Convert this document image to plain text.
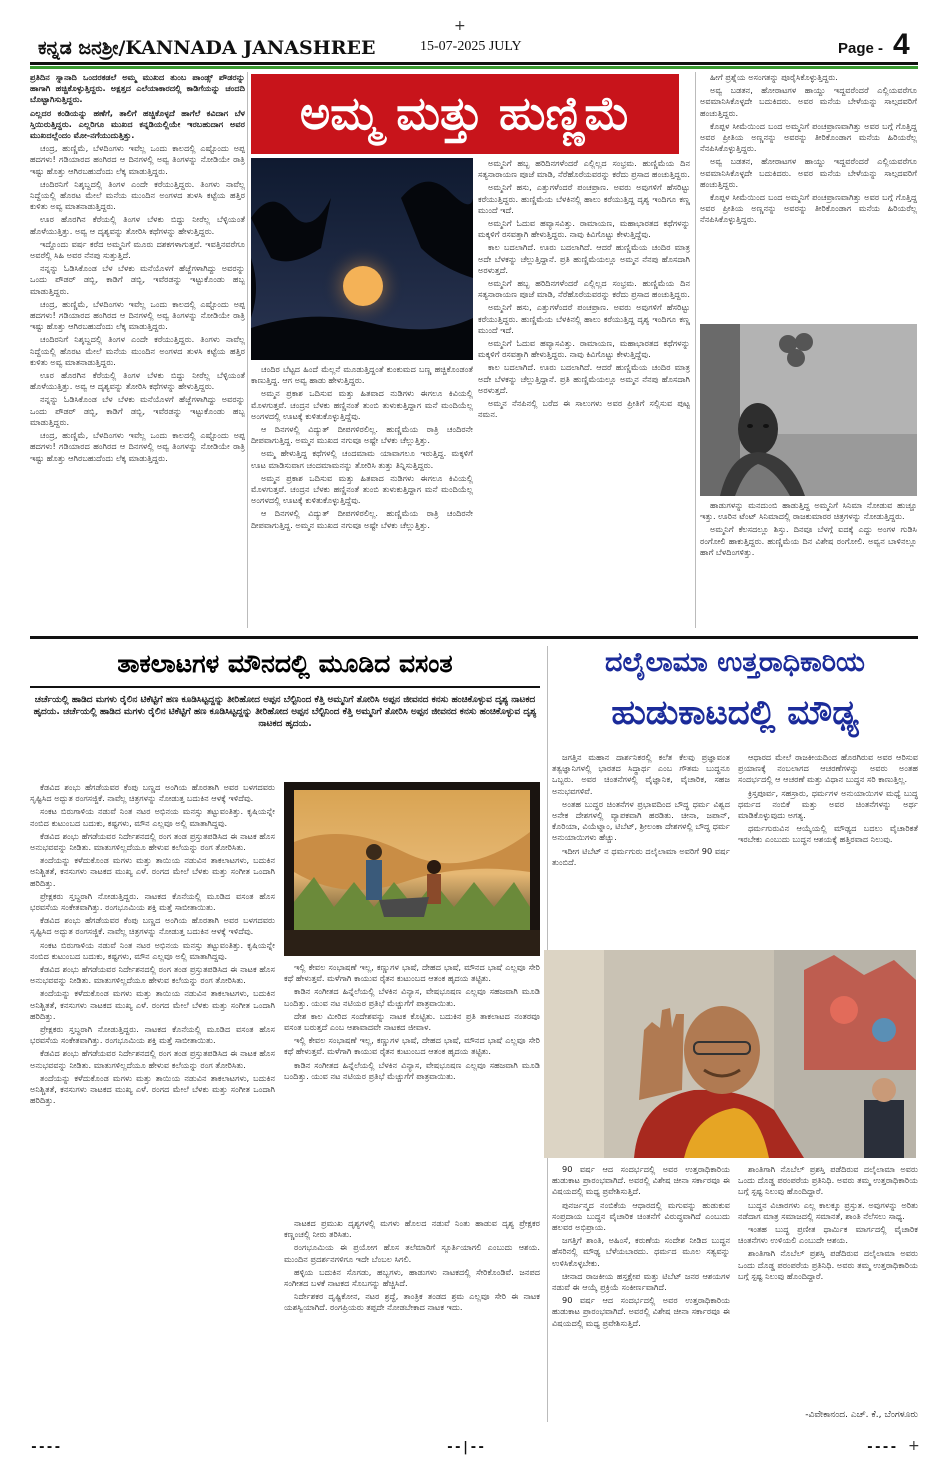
+
ಕನ್ನಡ ಜನಶ್ರೀ/KANNADA JANASHREE	15-07-2025 JULY	Page - 4

ಪ್ರತಿದಿನ ಸ್ನಾನಾದಿ ಒಂದರಕಡಲೆ ಅಮ್ಮ ಮುಖದ ತುಂಬ ಪಾಂಡ್ಸ್ ಪೌಡರನ್ನು ಹಾಗಾಗಿ ಹಚ್ಚಿಕೊಳ್ಳುತ್ತಿದ್ದರು. ಅಕ್ಷತ್ತದ ಎಲೆಯಾಕಾರದಲ್ಲಿ ಕಾಡಿಗೆಯನ್ನು ಚಂದದಿ ಬೊಟ್ಟಾಗಿಸುತ್ತಿದ್ದರು.

ಎಲ್ಲದರ ಕಂಡಿಯನ್ನು ಹಣೆಗೆ, ತಾಲಿಗೆ ಹಚ್ಚಿಕೊಳ್ಳದೆ ಹಾಗೆಲೆ ಕವಿದಾಗ ಬೆಳ ಸ್ತಿಯಿರುತ್ತಿದ್ದರು. ಎಲ್ಲರಿಗೂ ಮುಖದ ಕನ್ನಡಿಯಲ್ಲಿಯೇ ಇರಬಹುದಾಗ ಅವರ ಮುಖದಲ್ಲೆಂದಂ ಮೋ-ನಗೆಯುದುತ್ತಿತ್ತು.

ಚಂದ್ರ, ಹುಣ್ಣಿಮೆ, ಬೆಳದಿಂಗಳು ಇವೆಲ್ಲ ಒಂದು ಕಾಲದಲ್ಲಿ ಎಷ್ಟೊಂದು ಅಪ್ಪ ಹದಗಳು! ಗಡಿಯಾರದ ಹಂಗಿರದ ಆ ದಿನಗಳಲ್ಲಿ ಅವ್ವ ತಿಂಗಳನ್ನು ನೋಡಿಯೇ ರಾತ್ರಿ ಇಷ್ಟು ಹೊತ್ತು ಆಗಿರಬಹುದೆಂದು ಲೆಕ್ಕ ಮಾಡುತ್ತಿದ್ದರು.

ಚಂದಿರನಿಗೆ ನಿಶ್ಶಬ್ದದಲ್ಲಿ ತಿಂಗಳ ಎಂದೇ ಕರೆಯುತ್ತಿದ್ದರು. ತಿಂಗಳು ನಾವೆಲ್ಲ ನಿದ್ದೆಯಲ್ಲಿ ಹೊರಟ ಮೇಲೆ ಮನೆಯ ಮುಂದಿನ ಅಂಗಳದ ತುಳಸಿ ಕಟ್ಟೆಯ ಹತ್ತಿರ ಕುಳಿತು ಅವ್ವ ಮಾತನಾಡುತ್ತಿದ್ದರು.

ಊರ ಹೊರಗಿನ ಕೆರೆಯಲ್ಲಿ ತಿಂಗಳ ಬೆಳಕು ಬಿದ್ದು ನೀರೆಲ್ಲ ಬೆಳ್ಳಿಯಂತೆ ಹೊಳೆಯುತ್ತಿತ್ತು. ಅವ್ವ ಆ ದೃಶ್ಯವನ್ನು ತೋರಿಸಿ ಕಥೆಗಳನ್ನು ಹೇಳುತ್ತಿದ್ದರು.

ಇದ್ದೊಂದು ವರ್ಷ ಕರೆದ ಅಮ್ಮನಿಗೆ ಮೂರು ದಶಕಗಳಾಗುತ್ತವೆ. ಇವತ್ತಿನವರೆಗೂ ಅವರೆಲ್ಲಿ ಸಿಹಿ ಅವರ ನೆನಪು ಸುತ್ತುತ್ತಿದೆ.

ನನ್ನನ್ನು ಓಡಿಸಿಕೊಂಡ ಬೆಳ ಬೆಳಕು ಮನೆಯೊಳಗೆ ಹೆಜ್ಜೆಗಳಾಗಿದ್ದು ಅವರನ್ನು ಒಂದು ಪೌಡರ್ ಡಬ್ಬಿ, ಕಾಡಿಗೆ ಡಬ್ಬಿ, ಇವೆರಡನ್ನು ಇಟ್ಟುಕೊಂಡು ಹಬ್ಬ ಮಾಡುತ್ತಿದ್ದರು.

ಚಂದ್ರ, ಹುಣ್ಣಿಮೆ, ಬೆಳದಿಂಗಳು ಇವೆಲ್ಲ ಒಂದು ಕಾಲದಲ್ಲಿ ಎಷ್ಟೊಂದು ಅಪ್ಪ ಹದಗಳು! ಗಡಿಯಾರದ ಹಂಗಿರದ ಆ ದಿನಗಳಲ್ಲಿ ಅವ್ವ ತಿಂಗಳನ್ನು ನೋಡಿಯೇ ರಾತ್ರಿ ಇಷ್ಟು ಹೊತ್ತು ಆಗಿರಬಹುದೆಂದು ಲೆಕ್ಕ ಮಾಡುತ್ತಿದ್ದರು.

ಚಂದಿರನಿಗೆ ನಿಶ್ಶಬ್ದದಲ್ಲಿ ತಿಂಗಳ ಎಂದೇ ಕರೆಯುತ್ತಿದ್ದರು. ತಿಂಗಳು ನಾವೆಲ್ಲ ನಿದ್ದೆಯಲ್ಲಿ ಹೊರಟ ಮೇಲೆ ಮನೆಯ ಮುಂದಿನ ಅಂಗಳದ ತುಳಸಿ ಕಟ್ಟೆಯ ಹತ್ತಿರ ಕುಳಿತು ಅವ್ವ ಮಾತನಾಡುತ್ತಿದ್ದರು.

ಊರ ಹೊರಗಿನ ಕೆರೆಯಲ್ಲಿ ತಿಂಗಳ ಬೆಳಕು ಬಿದ್ದು ನೀರೆಲ್ಲ ಬೆಳ್ಳಿಯಂತೆ ಹೊಳೆಯುತ್ತಿತ್ತು. ಅವ್ವ ಆ ದೃಶ್ಯವನ್ನು ತೋರಿಸಿ ಕಥೆಗಳನ್ನು ಹೇಳುತ್ತಿದ್ದರು.

ನನ್ನನ್ನು ಓಡಿಸಿಕೊಂಡ ಬೆಳ ಬೆಳಕು ಮನೆಯೊಳಗೆ ಹೆಜ್ಜೆಗಳಾಗಿದ್ದು ಅವರನ್ನು ಒಂದು ಪೌಡರ್ ಡಬ್ಬಿ, ಕಾಡಿಗೆ ಡಬ್ಬಿ, ಇವೆರಡನ್ನು ಇಟ್ಟುಕೊಂಡು ಹಬ್ಬ ಮಾಡುತ್ತಿದ್ದರು.

ಚಂದ್ರ, ಹುಣ್ಣಿಮೆ, ಬೆಳದಿಂಗಳು ಇವೆಲ್ಲ ಒಂದು ಕಾಲದಲ್ಲಿ ಎಷ್ಟೊಂದು ಅಪ್ಪ ಹದಗಳು! ಗಡಿಯಾರದ ಹಂಗಿರದ ಆ ದಿನಗಳಲ್ಲಿ ಅವ್ವ ತಿಂಗಳನ್ನು ನೋಡಿಯೇ ರಾತ್ರಿ ಇಷ್ಟು ಹೊತ್ತು ಆಗಿರಬಹುದೆಂದು ಲೆಕ್ಕ ಮಾಡುತ್ತಿದ್ದರು.

ಅಮ್ಮ ಮತ್ತು ಹುಣ್ಣಿಮೆ

ಚಂದಿರ ಬೆಟ್ಟದ ಹಿಂದೆ ಮೆಲ್ಲನೆ ಮೂಡುತ್ತಿದ್ದಂತೆ ಕುಂಕುಮದ ಬಣ್ಣ ಹಚ್ಚಿಕೊಂಡಂತೆ ಕಾಣುತ್ತಿದ್ದ. ಆಗ ಅವ್ವ ಹಾಡು ಹೇಳುತ್ತಿದ್ದರು.

ಅಮ್ಮನ ಪ್ರಕಾಶ ಒದಿಸುವ ಮತ್ತು ಹಿತವಾದ ನುಡಿಗಳು ಈಗಲೂ ಕಿವಿಯಲ್ಲಿ ಮೊಳಗುತ್ತವೆ. ಚಂದ್ರನ ಬೆಳಕು ಹಣ್ಣಿನಂತೆ ತುಂಬಿ ತುಳುಕುತ್ತಿದ್ದಾಗ ಮನೆ ಮಂದಿಯೆಲ್ಲ ಅಂಗಳದಲ್ಲಿ ಊಟಕ್ಕೆ ಕುಳಿತುಕೊಳ್ಳುತ್ತಿದ್ದೆವು.

ಆ ದಿನಗಳಲ್ಲಿ ವಿದ್ಯುತ್ ದೀಪಗಳಿರಲಿಲ್ಲ. ಹುಣ್ಣಿಮೆಯ ರಾತ್ರಿ ಚಂದಿರನೇ ದೀಪವಾಗುತ್ತಿದ್ದ. ಅಮ್ಮನ ಮುಖದ ನಗುವೂ ಅಷ್ಟೇ ಬೆಳಕು ಚೆಲ್ಲುತ್ತಿತ್ತು.

ಅಮ್ಮ ಹೇಳುತ್ತಿದ್ದ ಕಥೆಗಳಲ್ಲಿ ಚಂದಮಾಮ ಯಾವಾಗಲೂ ಇರುತ್ತಿದ್ದ. ಮಕ್ಕಳಿಗೆ ಊಟ ಮಾಡಿಸುವಾಗ ಚಂದಮಾಮನನ್ನು ತೋರಿಸಿ ತುತ್ತು ತಿನ್ನಿಸುತ್ತಿದ್ದರು.

ಅಮ್ಮನ ಪ್ರಕಾಶ ಒದಿಸುವ ಮತ್ತು ಹಿತವಾದ ನುಡಿಗಳು ಈಗಲೂ ಕಿವಿಯಲ್ಲಿ ಮೊಳಗುತ್ತವೆ. ಚಂದ್ರನ ಬೆಳಕು ಹಣ್ಣಿನಂತೆ ತುಂಬಿ ತುಳುಕುತ್ತಿದ್ದಾಗ ಮನೆ ಮಂದಿಯೆಲ್ಲ ಅಂಗಳದಲ್ಲಿ ಊಟಕ್ಕೆ ಕುಳಿತುಕೊಳ್ಳುತ್ತಿದ್ದೆವು.

ಆ ದಿನಗಳಲ್ಲಿ ವಿದ್ಯುತ್ ದೀಪಗಳಿರಲಿಲ್ಲ. ಹುಣ್ಣಿಮೆಯ ರಾತ್ರಿ ಚಂದಿರನೇ ದೀಪವಾಗುತ್ತಿದ್ದ. ಅಮ್ಮನ ಮುಖದ ನಗುವೂ ಅಷ್ಟೇ ಬೆಳಕು ಚೆಲ್ಲುತ್ತಿತ್ತು.

ಅಮ್ಮನಿಗೆ ಹಬ್ಬ ಹರಿದಿನಗಳೆಂದರೆ ಎಲ್ಲಿಲ್ಲದ ಸಂಭ್ರಮ. ಹುಣ್ಣಿಮೆಯ ದಿನ ಸತ್ಯನಾರಾಯಣ ಪೂಜೆ ಮಾಡಿ, ನೆರೆಹೊರೆಯವರನ್ನು ಕರೆದು ಪ್ರಸಾದ ಹಂಚುತ್ತಿದ್ದರು.

ಅಮ್ಮನಿಗೆ ಹಸು, ಎತ್ತುಗಳೆಂದರೆ ಪಂಚಪ್ರಾಣ. ಅವರು ಅವುಗಳಿಗೆ ಹೆಸರಿಟ್ಟು ಕರೆಯುತ್ತಿದ್ದರು. ಹುಣ್ಣಿಮೆಯ ಬೆಳಕಿನಲ್ಲಿ ಹಾಲು ಕರೆಯುತ್ತಿದ್ದ ದೃಶ್ಯ ಇಂದಿಗೂ ಕಣ್ಣ ಮುಂದೆ ಇದೆ.

ಅಮ್ಮನಿಗೆ ಓದುವ ಹವ್ಯಾಸವಿತ್ತು. ರಾಮಾಯಣ, ಮಹಾಭಾರತದ ಕಥೆಗಳನ್ನು ಮಕ್ಕಳಿಗೆ ರಸವತ್ತಾಗಿ ಹೇಳುತ್ತಿದ್ದರು. ನಾವು ಕಿವಿಗೊಟ್ಟು ಕೇಳುತ್ತಿದ್ದೆವು.

ಕಾಲ ಬದಲಾಗಿದೆ. ಊರು ಬದಲಾಗಿದೆ. ಆದರೆ ಹುಣ್ಣಿಮೆಯ ಚಂದಿರ ಮಾತ್ರ ಅದೇ ಬೆಳಕನ್ನು ಚೆಲ್ಲುತ್ತಿದ್ದಾನೆ. ಪ್ರತಿ ಹುಣ್ಣಿಮೆಯಲ್ಲೂ ಅಮ್ಮನ ನೆನಪು ಹೊಸದಾಗಿ ಅರಳುತ್ತದೆ.

ಅಮ್ಮನಿಗೆ ಹಬ್ಬ ಹರಿದಿನಗಳೆಂದರೆ ಎಲ್ಲಿಲ್ಲದ ಸಂಭ್ರಮ. ಹುಣ್ಣಿಮೆಯ ದಿನ ಸತ್ಯನಾರಾಯಣ ಪೂಜೆ ಮಾಡಿ, ನೆರೆಹೊರೆಯವರನ್ನು ಕರೆದು ಪ್ರಸಾದ ಹಂಚುತ್ತಿದ್ದರು.

ಅಮ್ಮನಿಗೆ ಹಸು, ಎತ್ತುಗಳೆಂದರೆ ಪಂಚಪ್ರಾಣ. ಅವರು ಅವುಗಳಿಗೆ ಹೆಸರಿಟ್ಟು ಕರೆಯುತ್ತಿದ್ದರು. ಹುಣ್ಣಿಮೆಯ ಬೆಳಕಿನಲ್ಲಿ ಹಾಲು ಕರೆಯುತ್ತಿದ್ದ ದೃಶ್ಯ ಇಂದಿಗೂ ಕಣ್ಣ ಮುಂದೆ ಇದೆ.

ಅಮ್ಮನಿಗೆ ಓದುವ ಹವ್ಯಾಸವಿತ್ತು. ರಾಮಾಯಣ, ಮಹಾಭಾರತದ ಕಥೆಗಳನ್ನು ಮಕ್ಕಳಿಗೆ ರಸವತ್ತಾಗಿ ಹೇಳುತ್ತಿದ್ದರು. ನಾವು ಕಿವಿಗೊಟ್ಟು ಕೇಳುತ್ತಿದ್ದೆವು.

ಕಾಲ ಬದಲಾಗಿದೆ. ಊರು ಬದಲಾಗಿದೆ. ಆದರೆ ಹುಣ್ಣಿಮೆಯ ಚಂದಿರ ಮಾತ್ರ ಅದೇ ಬೆಳಕನ್ನು ಚೆಲ್ಲುತ್ತಿದ್ದಾನೆ. ಪ್ರತಿ ಹುಣ್ಣಿಮೆಯಲ್ಲೂ ಅಮ್ಮನ ನೆನಪು ಹೊಸದಾಗಿ ಅರಳುತ್ತದೆ.

ಅಮ್ಮನ ನೆನಪಿನಲ್ಲಿ ಬರೆದ ಈ ಸಾಲುಗಳು ಅವರ ಪ್ರೀತಿಗೆ ಸಲ್ಲಿಸುವ ಪುಟ್ಟ ನಮನ.

ಹೀಗೆ ಪ್ರಶ್ನೆಯ ಅಸಂಗತನ್ನು ಪೂರೈಸಿಕೊಳ್ಳುತ್ತಿದ್ದರು.

ಅವ್ವ ಬಡತನ, ಹೋರಾಟಗಳ ಹಾಯ್ದು ಇದ್ದವರೆಂದರೆ ಎಲ್ಲಿಯವರೆಗೂ ಅವಮಾನಿಸಿಕೊಳ್ಳದೇ ಬದುಕಿದರು. ಅವರ ಮನೆಯ ಬೇಳೆಯನ್ನು ಸಾಲ್ಗದವರಿಗೆ ಹಂಚುತ್ತಿದ್ದರು.

ಕೊಪ್ಪಳ ಸೀಮೆಯಿಂದ ಬಂದ ಅಮ್ಮನಿಗೆ ಪಂಚಪ್ರಾಣವಾಗಿತ್ತು ಅವರ ಬಗ್ಗೆ ಗೊತ್ತಿದ್ದ ಅವರ ಪ್ರೀತಿಯ ಅಣ್ಣನನ್ನು ಅವರನ್ನು ತೀರಿಕೊಂಡಾಗ ಮನೆಯ ಹಿರಿಯರೆಲ್ಲ ನೆನಪಿಸಿಕೊಳ್ಳುತ್ತಿದ್ದರು.

ಅವ್ವ ಬಡತನ, ಹೋರಾಟಗಳ ಹಾಯ್ದು ಇದ್ದವರೆಂದರೆ ಎಲ್ಲಿಯವರೆಗೂ ಅವಮಾನಿಸಿಕೊಳ್ಳದೇ ಬದುಕಿದರು. ಅವರ ಮನೆಯ ಬೇಳೆಯನ್ನು ಸಾಲ್ಗದವರಿಗೆ ಹಂಚುತ್ತಿದ್ದರು.

ಕೊಪ್ಪಳ ಸೀಮೆಯಿಂದ ಬಂದ ಅಮ್ಮನಿಗೆ ಪಂಚಪ್ರಾಣವಾಗಿತ್ತು ಅವರ ಬಗ್ಗೆ ಗೊತ್ತಿದ್ದ ಅವರ ಪ್ರೀತಿಯ ಅಣ್ಣನನ್ನು ಅವರನ್ನು ತೀರಿಕೊಂಡಾಗ ಮನೆಯ ಹಿರಿಯರೆಲ್ಲ ನೆನಪಿಸಿಕೊಳ್ಳುತ್ತಿದ್ದರು.

ಹಾಡುಗಳನ್ನು ಮನದುಂಬಿ ಹಾಡುತ್ತಿದ್ದ ಅಮ್ಮನಿಗೆ ಸಿನಿಮಾ ನೋಡುವ ಹುಚ್ಚೂ ಇತ್ತು. ಊರಿನ ಟೆಂಟ್ ಸಿನಿಮಾದಲ್ಲಿ ರಾಜಕುಮಾರರ ಚಿತ್ರಗಳನ್ನು ನೋಡುತ್ತಿದ್ದರು.

ಅಮ್ಮನಿಗೆ ಕೆಲಸದಲ್ಲೂ ಶಿಸ್ತು. ದಿನವೂ ಬೆಳಗ್ಗೆ ಐದಕ್ಕೆ ಎದ್ದು ಅಂಗಳ ಗುಡಿಸಿ ರಂಗೋಲಿ ಹಾಕುತ್ತಿದ್ದರು. ಹುಣ್ಣಿಮೆಯ ದಿನ ವಿಶೇಷ ರಂಗೋಲಿ. ಅವ್ವನ ಬಾಳಿನಲ್ಲೂ ಹಾಗೆ ಬೆಳದಿಂಗಳಿತ್ತು.

ತಾಕಲಾಟಗಳ ಮೌನದಲ್ಲಿ ಮೂಡಿದ ವಸಂತ
ಚರ್ಚೆಯಲ್ಲಿ ಹಾಡಿದ ಮಗಳು ರೈಲಿನ ಟಿಕೆಟ್ಟಿಗೆ ಹಣ ಕೂಡಿಸಿಟ್ಟದ್ದನ್ನು ತೀರಿಹೋದ ಅಪ್ಪನ ಬೆಲ್ಟಿನಿಂದ ಕೆತ್ತಿ ಅಮ್ಮನಿಗೆ ತೋರಿಸಿ ಅಪ್ಪನ ಜೀವನದ ಕನಸು ಹಂಚಿಕೊಳ್ಳುವ ದೃಶ್ಯ ನಾಟಕದ ಹೃದಯ. ಚರ್ಚೆಯಲ್ಲಿ ಹಾಡಿದ ಮಗಳು ರೈಲಿನ ಟಿಕೆಟ್ಟಿಗೆ ಹಣ ಕೂಡಿಸಿಟ್ಟದ್ದನ್ನು ತೀರಿಹೋದ ಅಪ್ಪನ ಬೆಲ್ಟಿನಿಂದ ಕೆತ್ತಿ ಅಮ್ಮನಿಗೆ ತೋರಿಸಿ ಅಪ್ಪನ ಜೀವನದ ಕನಸು ಹಂಚಿಕೊಳ್ಳುವ ದೃಶ್ಯ ನಾಟಕದ ಹೃದಯ.

ಕೆಡವಿದ ಶಂಭು ಹೆಗಡೆಯವರ ಕೆಂಪು ಬಣ್ಣದ ಅಂಗಿಯ ಹೊರತಾಗಿ ಅವರ ಬಳಗದವರು ಸೃಷ್ಟಿಸಿದ ಅದ್ಭುತ ರಂಗಸಜ್ಜಿಕೆ. ನಾವೆಲ್ಲ ಚಿತ್ರಗಳನ್ನು ನೋಡುತ್ತ ಬದುಕಿನ ಆಳಕ್ಕೆ ಇಳಿದೆವು.

ಸಂಕಟ ಬಿರುಗಾಳಿಯ ನಡುವೆ ನಿಂತ ನಟರ ಅಭಿನಯ ಮನಸ್ಸು ತಟ್ಟುವಂತಿತ್ತು. ಕೃಷಿಯನ್ನೇ ನಂಬಿದ ಕುಟುಂಬದ ಬದುಕು, ಕಷ್ಟಗಳು, ಮೌನ ಎಲ್ಲವೂ ಅಲ್ಲಿ ಮಾತಾಗಿದ್ದವು.

ಕೆಡವಿದ ಶಂಭು ಹೆಗಡೆಯವರ ನಿರ್ದೇಶನದಲ್ಲಿ ರಂಗ ತಂಡ ಪ್ರಸ್ತುತಪಡಿಸಿದ ಈ ನಾಟಕ ಹೊಸ ಅನುಭವವನ್ನು ನೀಡಿತು. ಮಾತುಗಳಿಲ್ಲದೆಯೂ ಹೇಳುವ ಕಲೆಯನ್ನು ರಂಗ ತೋರಿಸಿತು.

ತಂದೆಯನ್ನು ಕಳೆದುಕೊಂಡ ಮಗಳು ಮತ್ತು ತಾಯಿಯ ನಡುವಿನ ತಾಕಲಾಟಗಳು, ಬದುಕಿನ ಅನಿಶ್ಚಿತತೆ, ಕನಸುಗಳು ನಾಟಕದ ಮುಖ್ಯ ಎಳೆ. ರಂಗದ ಮೇಲೆ ಬೆಳಕು ಮತ್ತು ಸಂಗೀತ ಒಂದಾಗಿ ಹರಿದಿತ್ತು.

ಪ್ರೇಕ್ಷಕರು ಸ್ತಬ್ಧರಾಗಿ ನೋಡುತ್ತಿದ್ದರು. ನಾಟಕದ ಕೊನೆಯಲ್ಲಿ ಮೂಡಿದ ವಸಂತ ಹೊಸ ಭರವಸೆಯ ಸಂಕೇತವಾಗಿತ್ತು. ರಂಗಭೂಮಿಯ ಶಕ್ತಿ ಮತ್ತೆ ಸಾಬೀತಾಯಿತು.

ಕೆಡವಿದ ಶಂಭು ಹೆಗಡೆಯವರ ಕೆಂಪು ಬಣ್ಣದ ಅಂಗಿಯ ಹೊರತಾಗಿ ಅವರ ಬಳಗದವರು ಸೃಷ್ಟಿಸಿದ ಅದ್ಭುತ ರಂಗಸಜ್ಜಿಕೆ. ನಾವೆಲ್ಲ ಚಿತ್ರಗಳನ್ನು ನೋಡುತ್ತ ಬದುಕಿನ ಆಳಕ್ಕೆ ಇಳಿದೆವು.

ಸಂಕಟ ಬಿರುಗಾಳಿಯ ನಡುವೆ ನಿಂತ ನಟರ ಅಭಿನಯ ಮನಸ್ಸು ತಟ್ಟುವಂತಿತ್ತು. ಕೃಷಿಯನ್ನೇ ನಂಬಿದ ಕುಟುಂಬದ ಬದುಕು, ಕಷ್ಟಗಳು, ಮೌನ ಎಲ್ಲವೂ ಅಲ್ಲಿ ಮಾತಾಗಿದ್ದವು.

ಕೆಡವಿದ ಶಂಭು ಹೆಗಡೆಯವರ ನಿರ್ದೇಶನದಲ್ಲಿ ರಂಗ ತಂಡ ಪ್ರಸ್ತುತಪಡಿಸಿದ ಈ ನಾಟಕ ಹೊಸ ಅನುಭವವನ್ನು ನೀಡಿತು. ಮಾತುಗಳಿಲ್ಲದೆಯೂ ಹೇಳುವ ಕಲೆಯನ್ನು ರಂಗ ತೋರಿಸಿತು.

ತಂದೆಯನ್ನು ಕಳೆದುಕೊಂಡ ಮಗಳು ಮತ್ತು ತಾಯಿಯ ನಡುವಿನ ತಾಕಲಾಟಗಳು, ಬದುಕಿನ ಅನಿಶ್ಚಿತತೆ, ಕನಸುಗಳು ನಾಟಕದ ಮುಖ್ಯ ಎಳೆ. ರಂಗದ ಮೇಲೆ ಬೆಳಕು ಮತ್ತು ಸಂಗೀತ ಒಂದಾಗಿ ಹರಿದಿತ್ತು.

ಪ್ರೇಕ್ಷಕರು ಸ್ತಬ್ಧರಾಗಿ ನೋಡುತ್ತಿದ್ದರು. ನಾಟಕದ ಕೊನೆಯಲ್ಲಿ ಮೂಡಿದ ವಸಂತ ಹೊಸ ಭರವಸೆಯ ಸಂಕೇತವಾಗಿತ್ತು. ರಂಗಭೂಮಿಯ ಶಕ್ತಿ ಮತ್ತೆ ಸಾಬೀತಾಯಿತು.

ಕೆಡವಿದ ಶಂಭು ಹೆಗಡೆಯವರ ನಿರ್ದೇಶನದಲ್ಲಿ ರಂಗ ತಂಡ ಪ್ರಸ್ತುತಪಡಿಸಿದ ಈ ನಾಟಕ ಹೊಸ ಅನುಭವವನ್ನು ನೀಡಿತು. ಮಾತುಗಳಿಲ್ಲದೆಯೂ ಹೇಳುವ ಕಲೆಯನ್ನು ರಂಗ ತೋರಿಸಿತು.

ತಂದೆಯನ್ನು ಕಳೆದುಕೊಂಡ ಮಗಳು ಮತ್ತು ತಾಯಿಯ ನಡುವಿನ ತಾಕಲಾಟಗಳು, ಬದುಕಿನ ಅನಿಶ್ಚಿತತೆ, ಕನಸುಗಳು ನಾಟಕದ ಮುಖ್ಯ ಎಳೆ. ರಂಗದ ಮೇಲೆ ಬೆಳಕು ಮತ್ತು ಸಂಗೀತ ಒಂದಾಗಿ ಹರಿದಿತ್ತು.

ಇಲ್ಲಿ ಕೇವಲ ಸಂಭಾಷಣೆ ಇಲ್ಲ, ಕಣ್ಣುಗಳ ಭಾಷೆ, ದೇಹದ ಭಾಷೆ, ಮೌನದ ಭಾಷೆ ಎಲ್ಲವೂ ಸೇರಿ ಕಥೆ ಹೇಳುತ್ತವೆ. ಮಳೆಗಾಗಿ ಕಾಯುವ ರೈತನ ಕುಟುಂಬದ ಆತಂಕ ಹೃದಯ ತಟ್ಟಿತು.

ಕಾಡಿನ ಸಂಗೀತದ ಹಿನ್ನೆಲೆಯಲ್ಲಿ ಬೆಳಕಿನ ವಿನ್ಯಾಸ, ವೇಷಭೂಷಣ ಎಲ್ಲವೂ ಸಹಜವಾಗಿ ಮೂಡಿ ಬಂದಿತ್ತು. ಯುವ ನಟ ನಟಿಯರ ಪ್ರತಿಭೆ ಮೆಚ್ಚುಗೆಗೆ ಪಾತ್ರವಾಯಿತು.

ದೇಶ ಕಾಲ ಮೀರಿದ ಸಂದೇಶವನ್ನು ನಾಟಕ ಕೊಟ್ಟಿತು. ಬದುಕಿನ ಪ್ರತಿ ತಾಕಲಾಟದ ನಂತರವೂ ವಸಂತ ಬರುತ್ತದೆ ಎಂಬ ಆಶಾವಾದವೇ ನಾಟಕದ ಜೀವಾಳ.

ಇಲ್ಲಿ ಕೇವಲ ಸಂಭಾಷಣೆ ಇಲ್ಲ, ಕಣ್ಣುಗಳ ಭಾಷೆ, ದೇಹದ ಭಾಷೆ, ಮೌನದ ಭಾಷೆ ಎಲ್ಲವೂ ಸೇರಿ ಕಥೆ ಹೇಳುತ್ತವೆ. ಮಳೆಗಾಗಿ ಕಾಯುವ ರೈತನ ಕುಟುಂಬದ ಆತಂಕ ಹೃದಯ ತಟ್ಟಿತು.

ಕಾಡಿನ ಸಂಗೀತದ ಹಿನ್ನೆಲೆಯಲ್ಲಿ ಬೆಳಕಿನ ವಿನ್ಯಾಸ, ವೇಷಭೂಷಣ ಎಲ್ಲವೂ ಸಹಜವಾಗಿ ಮೂಡಿ ಬಂದಿತ್ತು. ಯುವ ನಟ ನಟಿಯರ ಪ್ರತಿಭೆ ಮೆಚ್ಚುಗೆಗೆ ಪಾತ್ರವಾಯಿತು.

ನಾಟಕದ ಪ್ರಮುಖ ದೃಶ್ಯಗಳಲ್ಲಿ ಮಗಳು ಹೊಲದ ನಡುವೆ ನಿಂತು ಹಾಡುವ ದೃಶ್ಯ ಪ್ರೇಕ್ಷಕರ ಕಣ್ಣಂಚಲ್ಲಿ ನೀರು ತರಿಸಿತು.

ರಂಗಭೂಮಿಯ ಈ ಪ್ರಯೋಗ ಹೊಸ ತಲೆಮಾರಿಗೆ ಸ್ಪೂರ್ತಿಯಾಗಲಿ ಎಂಬುದು ಆಶಯ. ಮುಂದಿನ ಪ್ರದರ್ಶನಗಳಿಗೂ ಇದೇ ಬೆಂಬಲ ಸಿಗಲಿ.

ಹಳ್ಳಿಯ ಬದುಕಿನ ಸೊಗಡು, ಹಬ್ಬಗಳು, ಹಾಡುಗಳು ನಾಟಕದಲ್ಲಿ ಸೇರಿಕೊಂಡಿವೆ. ಜನಪದ ಸಂಗೀತದ ಬಳಕೆ ನಾಟಕದ ಸೊಬಗನ್ನು ಹೆಚ್ಚಿಸಿದೆ.

ನಿರ್ದೇಶಕರ ದೃಷ್ಟಿಕೋನ, ನಟರ ಶ್ರದ್ಧೆ, ತಾಂತ್ರಿಕ ತಂಡದ ಶ್ರಮ ಎಲ್ಲವೂ ಸೇರಿ ಈ ನಾಟಕ ಯಶಸ್ವಿಯಾಗಿದೆ. ರಂಗಪ್ರಿಯರು ತಪ್ಪದೇ ನೋಡಬೇಕಾದ ನಾಟಕ ಇದು.

ದಲೈಲಾಮಾ ಉತ್ತರಾಧಿಕಾರಿಯ
ಹುಡುಕಾಟದಲ್ಲಿ ಮೌಢ್ಯ

ಜಗತ್ತಿನ ಮಹಾನ ದಾರ್ಶನಿಕರಲ್ಲಿ ಕಲೆತ ಕೆಲವು ಪ್ರಜ್ಞಾವಂತ ತತ್ವಜ್ಞಾನಿಗಳಲ್ಲಿ ಭಾರತದ ಸಿದ್ಧಾರ್ಥ ಎಂಬ ಗೌತಮ ಬುದ್ಧನೂ ಒಬ್ಬರು. ಅವರ ಚಿಂತನೆಗಳಲ್ಲಿ ವೈಜ್ಞಾನಿಕ, ವೈಚಾರಿಕ, ಸಹಜ ಅನುಭವಗಳಿವೆ.

ಅಂತಹ ಬುದ್ಧರ ಚಿಂತನೆಗಳ ಪ್ರಭಾವದಿಂದ ಬೌದ್ಧ ಧರ್ಮ ವಿಶ್ವದ ಅನೇಕ ದೇಶಗಳಲ್ಲಿ ವ್ಯಾಪಕವಾಗಿ ಹರಡಿತು. ಚೀನಾ, ಜಪಾನ್, ಕೊರಿಯಾ, ವಿಯೆಟ್ನಾಂ, ಟಿಬೆಟ್, ಶ್ರೀಲಂಕಾ ದೇಶಗಳಲ್ಲಿ ಬೌದ್ಧ ಧರ್ಮ ಅನುಯಾಯಿಗಳು ಹೆಚ್ಚು.

ಇದೀಗ ಟಿಬೆಟ್ ನ ಧರ್ಮಗುರು ದಲೈಲಾಮಾ ಅವರಿಗೆ 90 ವರ್ಷ ತುಂಬಿದೆ.

ಆಧಾರದ ಮೇಲೆ ರಾಜಕೀಯದಿಂದ ಹೊರಗಿರುವ ಅವರ ಆರಿಸುವ ಪ್ರಯಾಣಕ್ಕೆ ನಂಬಲಾಗದ ಆಚರಣೆಗಳನ್ನು ಅವರು ಅಂತಹ ಸಂದರ್ಭದಲ್ಲಿ ಆ ಆಚರಣೆ ಮತ್ತು ವಿಧಾನ ಬುದ್ಧನ ಸರಿ ಕಾಣುತ್ತಿಲ್ಲ.

ಕ್ರಿಸ್ತಪೂರ್ವ, ಸಹಸ್ರಾರು, ಧರ್ಮಗಳ ಅನುಯಾಯಿಗಳ ಮಧ್ಯೆ ಬುದ್ಧ ಧರ್ಮದ ನಂಬಿಕೆ ಮತ್ತು ಅವರ ಚಿಂತನೆಗಳನ್ನು ಅರ್ಥ ಮಾಡಿಕೊಳ್ಳುವುದು ಅಗತ್ಯ.

ಧರ್ಮಗುರುವಿನ ಆಯ್ಕೆಯಲ್ಲಿ ಮೌಢ್ಯದ ಬದಲು ವೈಚಾರಿಕತೆ ಇರಬೇಕು ಎಂಬುದು ಬುದ್ಧನ ಆಶಯಕ್ಕೆ ಹತ್ತಿರವಾದ ನಿಲುವು.

90 ವರ್ಷ ಆದ ಸಂದರ್ಭದಲ್ಲಿ ಅವರ ಉತ್ತರಾಧಿಕಾರಿಯ ಹುಡುಕಾಟ ಪ್ರಾರಂಭವಾಗಿದೆ. ಅವರಲ್ಲಿ ವಿಶೇಷ ಚೀನಾ ಸರ್ಕಾರವೂ ಈ ವಿಷಯದಲ್ಲಿ ಮಧ್ಯ ಪ್ರವೇಶಿಸುತ್ತಿದೆ.

ಪುನರ್ಜನ್ಮದ ನಂಬಿಕೆಯ ಆಧಾರದಲ್ಲಿ ಮಗುವನ್ನು ಹುಡುಕುವ ಸಂಪ್ರದಾಯ ಬುದ್ಧನ ವೈಚಾರಿಕ ಚಿಂತನೆಗೆ ವಿರುದ್ಧವಾಗಿದೆ ಎಂಬುದು ಹಲವರ ಅಭಿಪ್ರಾಯ.

ಜಗತ್ತಿಗೆ ಶಾಂತಿ, ಅಹಿಂಸೆ, ಕರುಣೆಯ ಸಂದೇಶ ನೀಡಿದ ಬುದ್ಧನ ಹೆಸರಿನಲ್ಲಿ ಮೌಢ್ಯ ಬೆಳೆಯಬಾರದು. ಧರ್ಮದ ಮೂಲ ಸತ್ವವನ್ನು ಉಳಿಸಿಕೊಳ್ಳಬೇಕು.

ಚೀನಾದ ರಾಜಕೀಯ ಹಸ್ತಕ್ಷೇಪ ಮತ್ತು ಟಿಬೆಟ್ ಜನರ ಆಶಯಗಳ ನಡುವೆ ಈ ಆಯ್ಕೆ ಪ್ರಕ್ರಿಯೆ ಸಂಕೀರ್ಣವಾಗಿದೆ.

90 ವರ್ಷ ಆದ ಸಂದರ್ಭದಲ್ಲಿ ಅವರ ಉತ್ತರಾಧಿಕಾರಿಯ ಹುಡುಕಾಟ ಪ್ರಾರಂಭವಾಗಿದೆ. ಅವರಲ್ಲಿ ವಿಶೇಷ ಚೀನಾ ಸರ್ಕಾರವೂ ಈ ವಿಷಯದಲ್ಲಿ ಮಧ್ಯ ಪ್ರವೇಶಿಸುತ್ತಿದೆ.

ಶಾಂತಿಗಾಗಿ ನೊಬೆಲ್ ಪ್ರಶಸ್ತಿ ಪಡೆದಿರುವ ದಲೈಲಾಮಾ ಅವರು ಒಂದು ದೊಡ್ಡ ಪರಂಪರೆಯ ಪ್ರತಿನಿಧಿ. ಅವರು ತಮ್ಮ ಉತ್ತರಾಧಿಕಾರಿಯ ಬಗ್ಗೆ ಸ್ಪಷ್ಟ ನಿಲುವು ಹೊಂದಿದ್ದಾರೆ.

ಬುದ್ಧನ ವಿಚಾರಗಳು ಎಲ್ಲ ಕಾಲಕ್ಕೂ ಪ್ರಸ್ತುತ. ಅವುಗಳನ್ನು ಅರಿತು ನಡೆದಾಗ ಮಾತ್ರ ಸಮಾಜದಲ್ಲಿ ಸಮಾನತೆ, ಶಾಂತಿ ನೆಲೆಸಲು ಸಾಧ್ಯ.

ಇಂತಹ ಬುದ್ಧ ಪ್ರಣೀತ ಧಾರ್ಮಿಕ ಮಾರ್ಗದಲ್ಲಿ ವೈಚಾರಿಕ ಚಿಂತನೆಗಳು ಉಳಿಯಲಿ ಎಂಬುದೇ ಆಶಯ.

ಶಾಂತಿಗಾಗಿ ನೊಬೆಲ್ ಪ್ರಶಸ್ತಿ ಪಡೆದಿರುವ ದಲೈಲಾಮಾ ಅವರು ಒಂದು ದೊಡ್ಡ ಪರಂಪರೆಯ ಪ್ರತಿನಿಧಿ. ಅವರು ತಮ್ಮ ಉತ್ತರಾಧಿಕಾರಿಯ ಬಗ್ಗೆ ಸ್ಪಷ್ಟ ನಿಲುವು ಹೊಂದಿದ್ದಾರೆ.

-ವಿವೇಕಾನಂದ. ಎಚ್. ಕೆ., ಬೆಂಗಳೂರು
----	--|--	---- +
